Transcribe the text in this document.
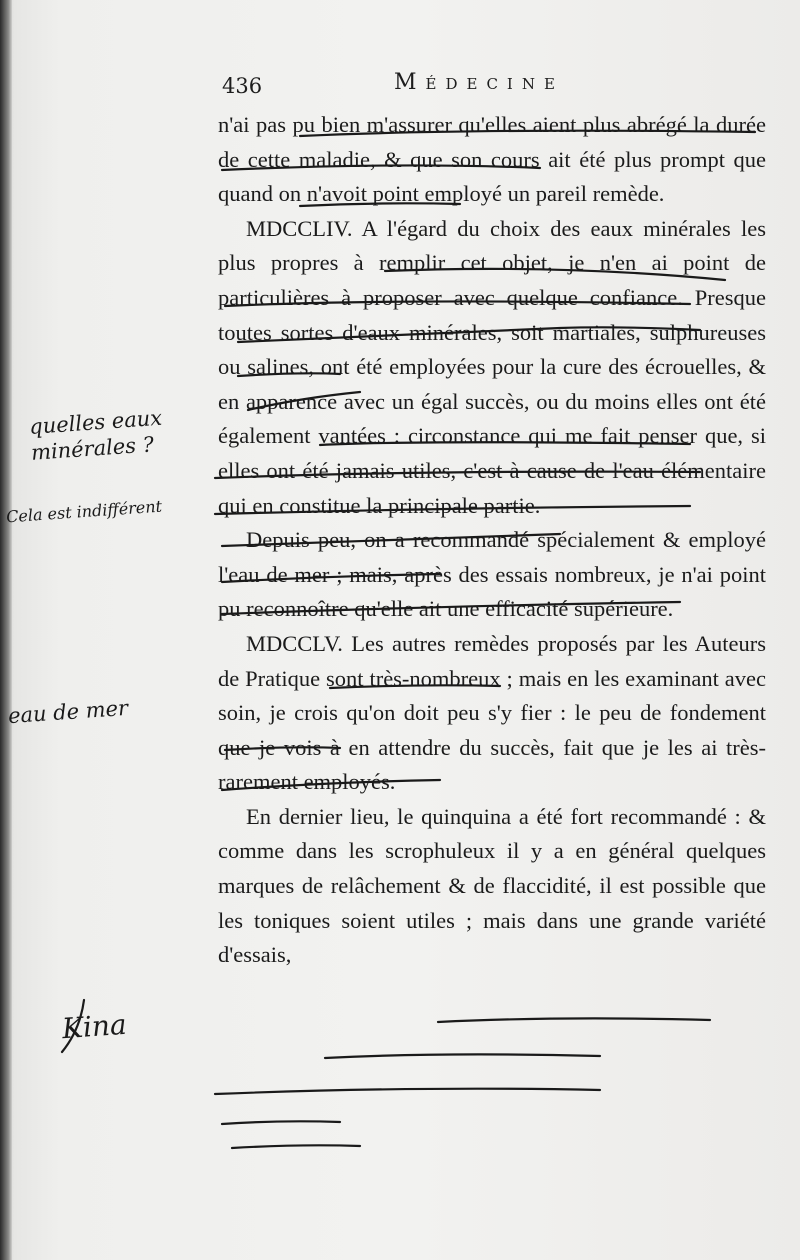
436	Médecine

n'ai pas pu bien m'assurer qu'elles aient plus abrégé la durée de cette maladie, & que son cours ait été plus prompt que quand on n'avoit point employé un pareil remède.

MDCCLIV. A l'égard du choix des eaux minérales les plus propres à remplir cet objet, je n'en ai point de particulières à proposer avec quelque confiance. Presque toutes sortes d'eaux minérales, soit martiales, sulphureuses ou salines, ont été employées pour la cure des écrouelles, & en apparence avec un égal succès, ou du moins elles ont été également vantées : circonstance qui me fait penser que, si elles ont été jamais utiles, c'est à cause de l'eau élémentaire qui en constitue la principale partie.

Depuis peu, on a recommandé spécialement & employé l'eau de mer ; mais, après des essais nombreux, je n'ai point pu reconnoître qu'elle ait une efficacité supérieure.

MDCCLV. Les autres remèdes proposés par les Auteurs de Pratique sont très-nombreux ; mais en les examinant avec soin, je crois qu'on doit peu s'y fier : le peu de fondement que je vois à en attendre du succès, fait que je les ai très-rarement employés.

En dernier lieu, le quinquina a été fort recommandé : & comme dans les scrophuleux il y a en général quelques marques de relâchement & de flaccidité, il est possible que les toniques soient utiles ; mais dans une grande variété d'essais,

quelles eaux minérales ?
Cela est indifférent
eau de mer
Kina
